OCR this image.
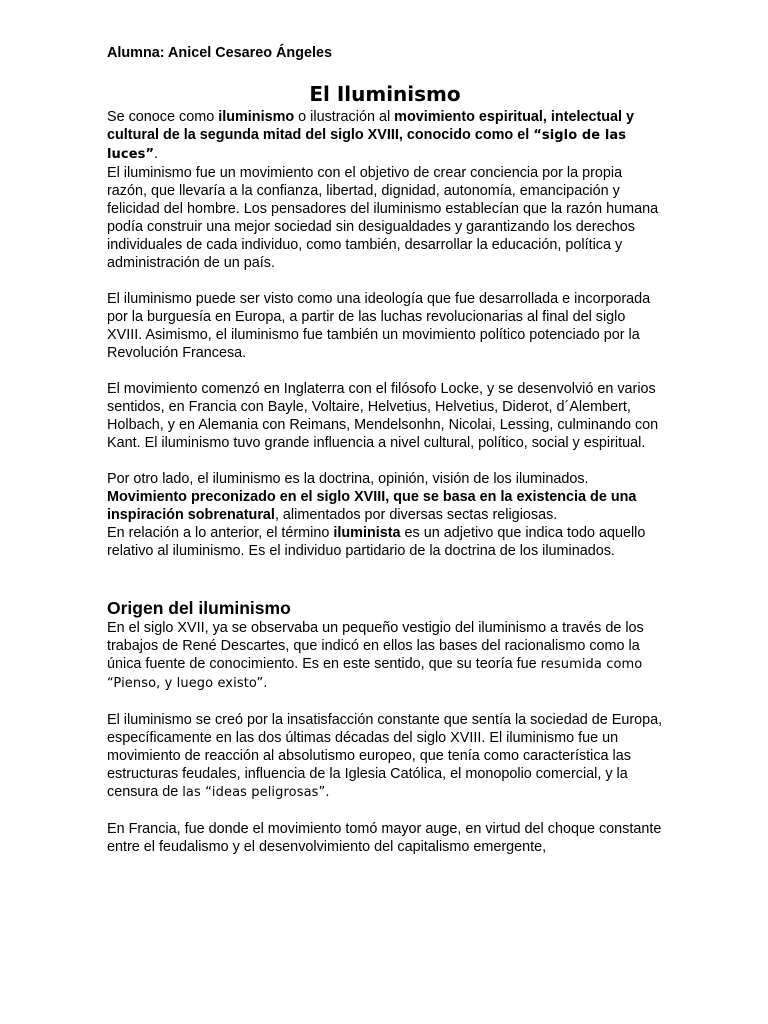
Alumna: Anicel Cesareo Ángeles
El Iluminismo

Se conoce como iluminismo o ilustración al movimiento espiritual, intelectual y cultural de la segunda mitad del siglo XVIII, conocido como el “siglo de las luces”.

El iluminismo fue un movimiento con el objetivo de crear conciencia por la propia razón, que llevaría a la confianza, libertad, dignidad, autonomía, emancipación y felicidad del hombre. Los pensadores del iluminismo establecían que la razón humana podía construir una mejor sociedad sin desigualdades y garantizando los derechos individuales de cada individuo, como también, desarrollar la educación, política y administración de un país.

El iluminismo puede ser visto como una ideología que fue desarrollada e incorporada por la burguesía en Europa, a partir de las luchas revolucionarias al final del siglo XVIII. Asimismo, el iluminismo fue también un movimiento político potenciado por la Revolución Francesa.

El movimiento comenzó en Inglaterra con el filósofo Locke, y se desenvolvió en varios sentidos, en Francia con Bayle, Voltaire, Helvetius, Helvetius, Diderot, d´Alembert, Holbach, y en Alemania con Reimans, Mendelsonhn, Nicolai, Lessing, culminando con Kant. El iluminismo tuvo grande influencia a nivel cultural, político, social y espiritual.

Por otro lado, el iluminismo es la doctrina, opinión, visión de los iluminados. Movimiento preconizado en el siglo XVIII, que se basa en la existencia de una inspiración sobrenatural, alimentados por diversas sectas religiosas.

En relación a lo anterior, el término iluminista es un adjetivo que indica todo aquello relativo al iluminismo. Es el individuo partidario de la doctrina de los iluminados.

Origen del iluminismo

En el siglo XVII, ya se observaba un pequeño vestigio del iluminismo a través de los trabajos de René Descartes, que indicó en ellos las bases del racionalismo como la única fuente de conocimiento. Es en este sentido, que su teoría fue resumida como “Pienso, y luego existo”.

El iluminismo se creó por la insatisfacción constante que sentía la sociedad de Europa, específicamente en las dos últimas décadas del siglo XVIII. El iluminismo fue un movimiento de reacción al absolutismo europeo, que tenía como característica las estructuras feudales, influencia de la Iglesia Católica, el monopolio comercial, y la censura de las “ideas peligrosas”.

En Francia, fue donde el movimiento tomó mayor auge, en virtud del choque constante entre el feudalismo y el desenvolvimiento del capitalismo emergente,
